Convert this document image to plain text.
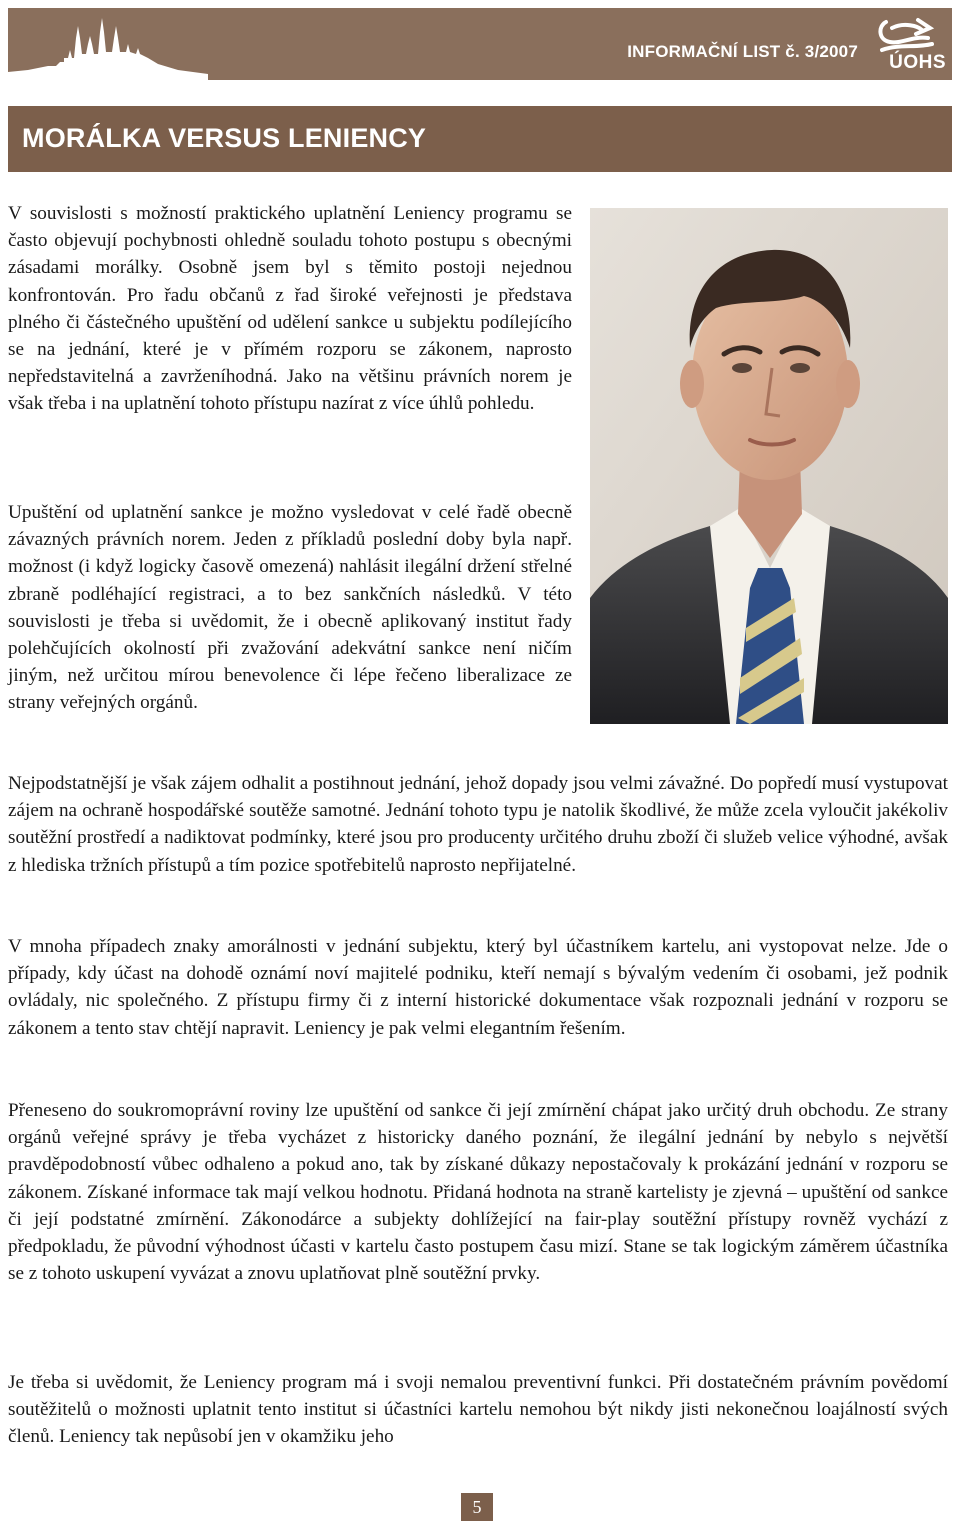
INFORMAČNÍ LIST č. 3/2007
ÚOHS
MORÁLKA VERSUS LENIENCY

V souvislosti s možností praktického uplatnění Leniency programu se často objevují pochybnosti ohledně souladu tohoto postupu s obecnými zásadami morálky. Osobně jsem byl s těmito postoji nejednou konfrontován. Pro řadu občanů z řad široké veřejnosti je představa plného či částečného upuštění od udělení sankce u subjektu podílejícího se na jednání, které je v přímém rozporu se zákonem, naprosto nepředstavitelná a zavrženíhodná. Jako na většinu právních norem je však třeba i na uplatnění tohoto přístupu nazírat z více úhlů pohledu.

Upuštění od uplatnění sankce je možno vysledovat v celé řadě obecně závazných právních norem. Jeden z příkladů poslední doby byla např. možnost (i když logicky časově omezená) nahlásit ilegální držení střelné zbraně podléhající registraci, a to bez sankčních následků. V této souvislosti je třeba si uvědomit, že i obecně aplikovaný institut řady polehčujících okolností při zvažování adekvátní sankce není ničím jiným, než určitou mírou benevolence či lépe řečeno liberalizace ze strany veřejných orgánů.

Nejpodstatnější je však zájem odhalit a postihnout jednání, jehož dopady jsou velmi závažné. Do popředí musí vystupovat zájem na ochraně hospodářské soutěže samotné. Jednání tohoto typu je natolik škodlivé, že může zcela vyloučit jakékoliv soutěžní prostředí a nadiktovat podmínky, které jsou pro producenty určitého druhu zboží či služeb velice výhodné, avšak z hlediska tržních přístupů a tím pozice spotřebitelů naprosto nepřijatelné.

V mnoha případech znaky amorálnosti v jednání subjektu, který byl účastníkem kartelu, ani vystopovat nelze. Jde o případy, kdy účast na dohodě oznámí noví majitelé podniku, kteří nemají s bývalým vedením či osobami, jež podnik ovládaly, nic společného. Z přístupu firmy či z interní historické dokumentace však rozpoznali jednání v rozporu se zákonem a tento stav chtějí napravit. Leniency je pak velmi elegantním řešením.

Přeneseno do soukromoprávní roviny lze upuštění od sankce či její zmírnění chápat jako určitý druh obchodu. Ze strany orgánů veřejné správy je třeba vycházet z historicky daného poznání, že ilegální jednání by nebylo s největší pravděpodobností vůbec odhaleno a pokud ano, tak by získané důkazy nepostačovaly k prokázání jednání v rozporu se zákonem. Získané informace tak mají velkou hodnotu. Přidaná hodnota na straně kartelisty je zjevná – upuštění od sankce či její podstatné zmírnění. Zákonodárce a subjekty dohlížející na fair-play soutěžní přístupy rovněž vychází z předpokladu, že původní výhodnost účasti v kartelu často postupem času mizí. Stane se tak logickým záměrem účastníka se z tohoto uskupení vyvázat a znovu uplatňovat plně soutěžní prvky.

Je třeba si uvědomit, že Leniency program má i svoji nemalou preventivní funkci. Při dostatečném právním povědomí soutěžitelů o možnosti uplatnit tento institut si účastníci kartelu nemohou být nikdy jisti nekonečnou loajálností svých členů. Leniency tak nepůsobí jen v okamžiku jeho

5
